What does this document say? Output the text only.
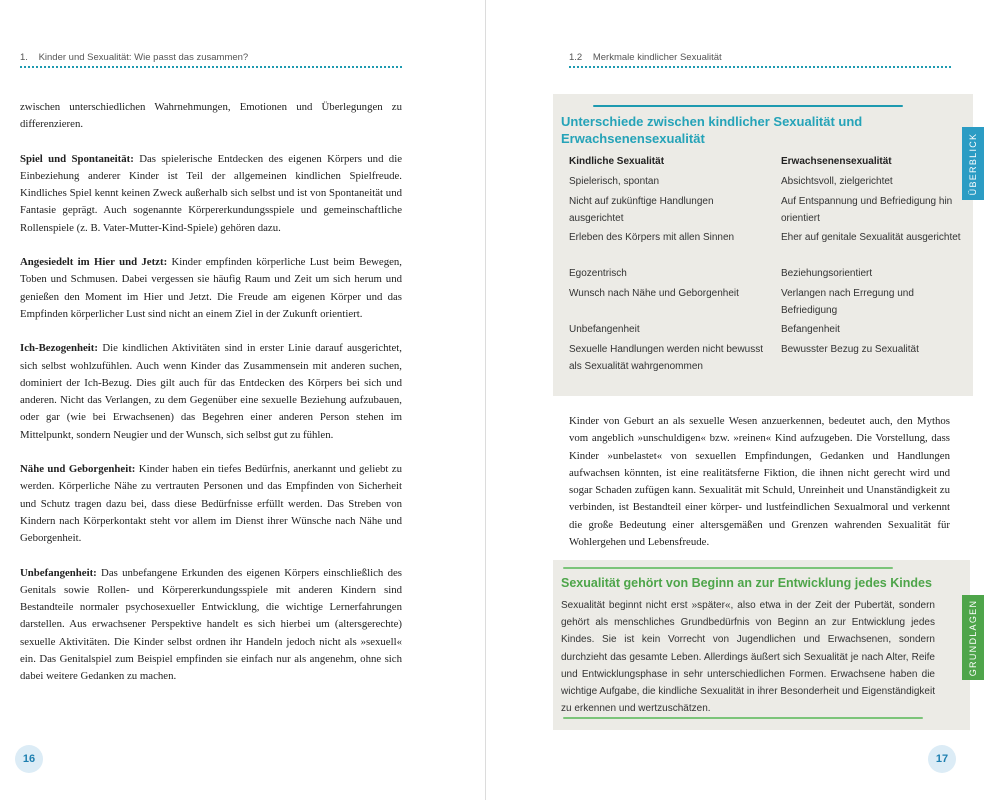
1. Kinder und Sexualität: Wie passt das zusammen?

zwischen unterschiedlichen Wahrnehmungen, Emotionen und Überlegungen zu differenzieren.

Spiel und Spontaneität: Das spielerische Entdecken des eigenen Körpers und die Einbeziehung anderer Kinder ist Teil der allgemeinen kindlichen Spielfreude. Kindliches Spiel kennt keinen Zweck außerhalb sich selbst und ist von Spontaneität und Fantasie geprägt. Auch sogenannte Körpererkundungsspiele und gemeinschaftliche Rollenspiele (z. B. Vater-Mutter-Kind-Spiele) gehören dazu.

Angesiedelt im Hier und Jetzt: Kinder empfinden körperliche Lust beim Bewegen, Toben und Schmusen. Dabei vergessen sie häufig Raum und Zeit um sich herum und genießen den Moment im Hier und Jetzt. Die Freude am eigenen Körper und das Empfinden körperlicher Lust sind nicht an einem Ziel in der Zukunft orientiert.

Ich-Bezogenheit: Die kindlichen Aktivitäten sind in erster Linie darauf ausgerichtet, sich selbst wohlzufühlen. Auch wenn Kinder das Zusammensein mit anderen suchen, dominiert der Ich-Bezug. Dies gilt auch für das Entdecken des Körpers bei sich und anderen. Nicht das Verlangen, zu dem Gegenüber eine sexuelle Beziehung aufzubauen, oder gar (wie bei Erwachsenen) das Begehren einer anderen Person stehen im Mittelpunkt, sondern Neugier und der Wunsch, sich selbst gut zu fühlen.

Nähe und Geborgenheit: Kinder haben ein tiefes Bedürfnis, anerkannt und geliebt zu werden. Körperliche Nähe zu vertrauten Personen und das Empfinden von Sicherheit und Schutz tragen dazu bei, dass diese Bedürfnisse erfüllt werden. Das Streben von Kindern nach Körperkontakt steht vor allem im Dienst ihrer Wünsche nach Nähe und Geborgenheit.

Unbefangenheit: Das unbefangene Erkunden des eigenen Körpers einschließlich des Genitals sowie Rollen- und Körpererkundungsspiele mit anderen Kindern sind Bestandteile normaler psychosexueller Entwicklung, die wichtige Lernerfahrungen darstellen. Aus erwachsener Perspektive handelt es sich hierbei um (altersgerechte) sexuelle Aktivitäten. Die Kinder selbst ordnen ihr Handeln jedoch nicht als »sexuell« ein. Das Genitalspiel zum Beispiel empfinden sie einfach nur als angenehm, ohne sich dabei weitere Gedanken zu machen.

16
1.2 Merkmale kindlicher Sexualität
Unterschiede zwischen kindlicher Sexualität und Erwachsenensexualität
Kindliche Sexualität
Spielerisch, spontan
Nicht auf zukünftige Handlungen ausgerichtet
Erleben des Körpers mit allen Sinnen
Egozentrisch
Wunsch nach Nähe und Geborgenheit
Unbefangenheit
Sexuelle Handlungen werden nicht bewusst als Sexualität wahrgenommen
Erwachsenensexualität
Absichtsvoll, zielgerichtet
Auf Entspannung und Befriedigung hin orientiert
Eher auf genitale Sexualität ausgerichtet
Beziehungsorientiert
Verlangen nach Erregung und Befriedigung
Befangenheit
Bewusster Bezug zu Sexualität
ÜBERBLICK

Kinder von Geburt an als sexuelle Wesen anzuerkennen, bedeutet auch, den Mythos vom angeblich »unschuldigen« bzw. »reinen« Kind aufzugeben. Die Vorstellung, dass Kinder »unbelastet« von sexuellen Empfindungen, Gedanken und Handlungen aufwachsen könnten, ist eine realitätsferne Fiktion, die ihnen nicht gerecht wird und sogar Schaden zufügen kann. Sexualität mit Schuld, Unreinheit und Unanständigkeit zu verbinden, ist Bestandteil einer körper- und lustfeindlichen Sexualmoral und verkennt die große Bedeutung einer altersgemäßen und Grenzen wahrenden Sexualität für Wohlergehen und Lebensfreude.

Sexualität gehört von Beginn an zur Entwicklung jedes Kindes
Sexualität beginnt nicht erst »später«, also etwa in der Zeit der Pubertät, sondern gehört als menschliches Grundbedürfnis von Beginn an zur Entwicklung jedes Kindes. Sie ist kein Vorrecht von Jugendlichen und Erwachsenen, sondern durchzieht das gesamte Leben. Allerdings äußert sich Sexualität je nach Alter, Reife und Entwicklungsphase in sehr unterschiedlichen Formen. Erwachsene haben die wichtige Aufgabe, die kindliche Sexualität in ihrer Besonderheit und Eigenständigkeit zu erkennen und wertzuschätzen.
GRUNDLAGEN
17
